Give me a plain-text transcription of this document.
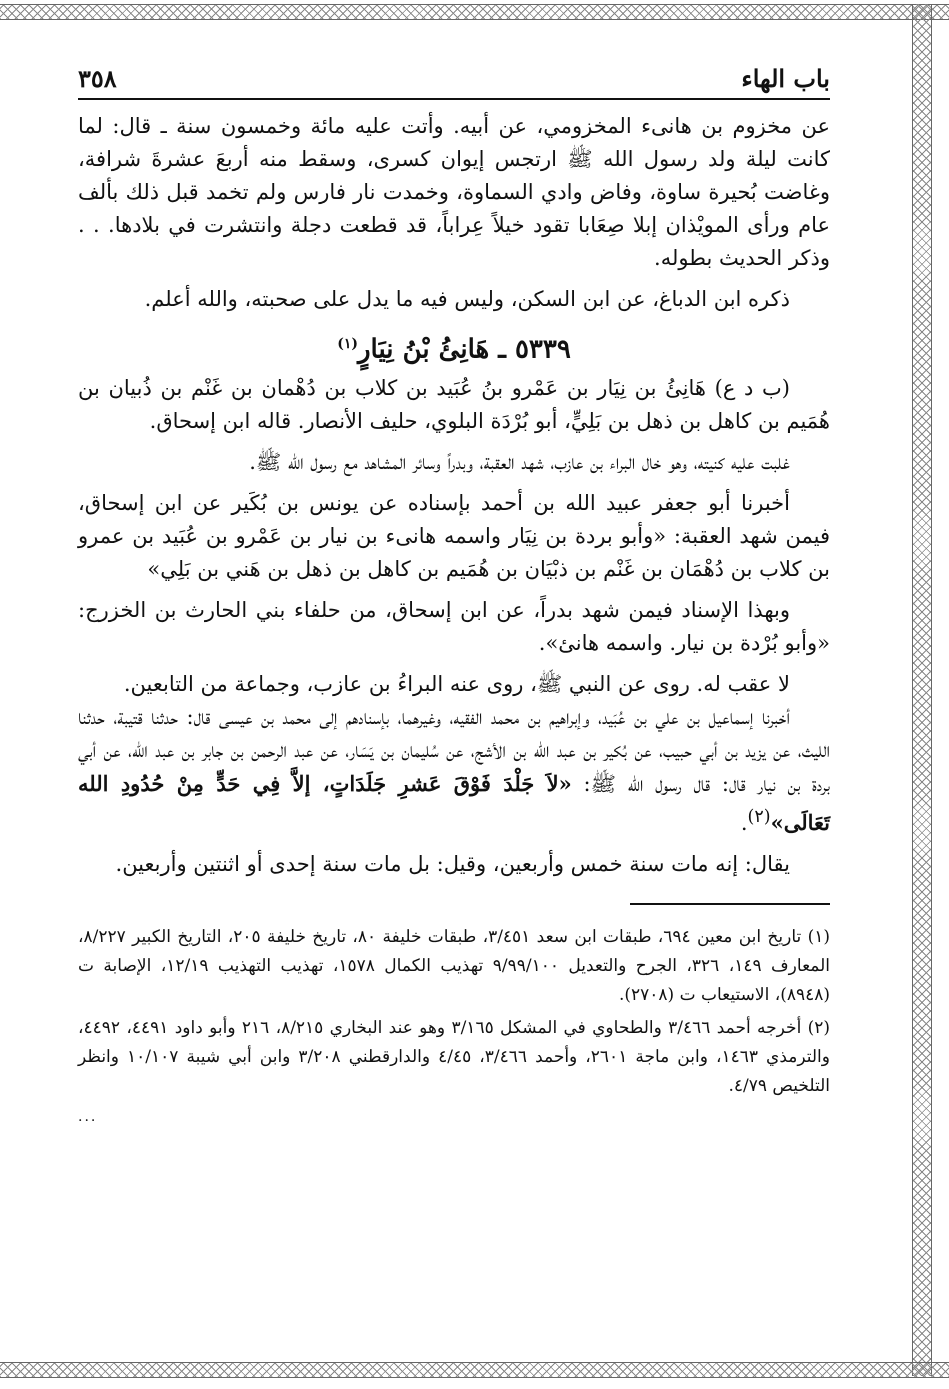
باب الهاء
٣٥٨

عن مخزوم بن هانىء المخزومي، عن أبيه. وأتت عليه مائة وخمسون سنة ـ قال: لما كانت ليلة ولد رسول الله ﷺ ارتجس إيوان كسرى، وسقط منه أربعَ عشرةَ شرافة، وغاضت بُحيرة ساوة، وفاض وادي السماوة، وخمدت نار فارس ولم تخمد قبل ذلك بألف عام ورأى المويْذان إبلا صِعَابا تقود خيلاً عِراباً، قد قطعت دجلة وانتشرت في بلادها. . . وذكر الحديث بطوله.

ذكره ابن الدباغ، عن ابن السكن، وليس فيه ما يدل على صحبته، والله أعلم.

٥٣٣٩ ـ هَانِئُ بْنُ نِيَارٍ$^{(١)}$

(ب د ع) هَانِئُ بن نِيَار بن عَمْرو بنُ عُبَيد بن كلاب بن دُهْمان بن غَنْم بن ذُبيان بن هُمَيم بن كاهل بن ذهل بن بَلِيٍّ، أبو بُرْدَة البلوي، حليف الأنصار. قاله ابن إسحاق.

غلبت عليه كنيته، وهو خال البراء بن عازب، شهد العقبة، وبدراً وسائر المشاهد مع رسول الله ﷺ.

أخبرنا أبو جعفر عبيد الله بن أحمد بإسناده عن يونس بن بُكَير عن ابن إسحاق، فيمن شهد العقبة: «وأبو بردة بن نِيَار واسمه هانىء بن نيار بن عَمْرو بن عُبَيد بن عمرو بن كلاب بن دُهْمَان بن غَنْم بن ذبْيَان بن هُمَيم بن كاهل بن ذهل بن هَني بن بَلِي»

وبهذا الإسناد فيمن شهد بدراً، عن ابن إسحاق، من حلفاء بني الحارث بن الخزرج: «وأبو بُرْدة بن نيار. واسمه هانئ».

لا عقب له. روى عن النبي ﷺ، روى عنه البراءُ بن عازب، وجماعة من التابعين.

أخبرنا إسماعيل بن علي بن عُبَيد، وإبراهيم بن محمد الفقيه، وغيرهما، بإسنادهم إلى محمد بن عيسى قال: حدثنا قتيبة، حدثنا الليث، عن يزيد بن أبي حبيب، عن بُكير بن عبد الله بن الأشج، عن سُليمان بن يَسَار، عن عبد الرحمن بن جابر بن عبد الله، عن أبي بردة بن نيار قال: قال رسول الله ﷺ: «لاَ جَلْدَ فَوْقَ عَشرِ جَلَدَاتٍ، إلاَّ فِي حَدٍّ مِنْ حُدُودِ الله تَعَالَى»$^{(٢)}$.

يقال: إنه مات سنة خمس وأربعين، وقيل: بل مات سنة إحدى أو اثنتين وأربعين.

(١) تاريخ ابن معين ٦٩٤، طبقات ابن سعد ٣/٤٥١، طبقات خليفة ٨٠، تاريخ خليفة ٢٠٥، التاريخ الكبير ٨/٢٢٧، المعارف ١٤٩، ٣٢٦، الجرح والتعديل ٩/٩٩/١٠٠ تهذيب الكمال ١٥٧٨، تهذيب التهذيب ١٢/١٩، الإصابة ت (٨٩٤٨)، الاستيعاب ت (٢٧٠٨).

(٢) أخرجه أحمد ٣/٤٦٦ والطحاوي في المشكل ٣/١٦٥ وهو عند البخاري ٨/٢١٥، ٢١٦ وأبو داود ٤٤٩١، ٤٤٩٢، والترمذي ١٤٦٣، وابن ماجة ٢٦٠١، وأحمد ٣/٤٦٦، ٤/٤٥ والدارقطني ٣/٢٠٨ وابن أبي شيبة ١٠/١٠٧ وانظر التلخيص ٤/٧٩.

...
